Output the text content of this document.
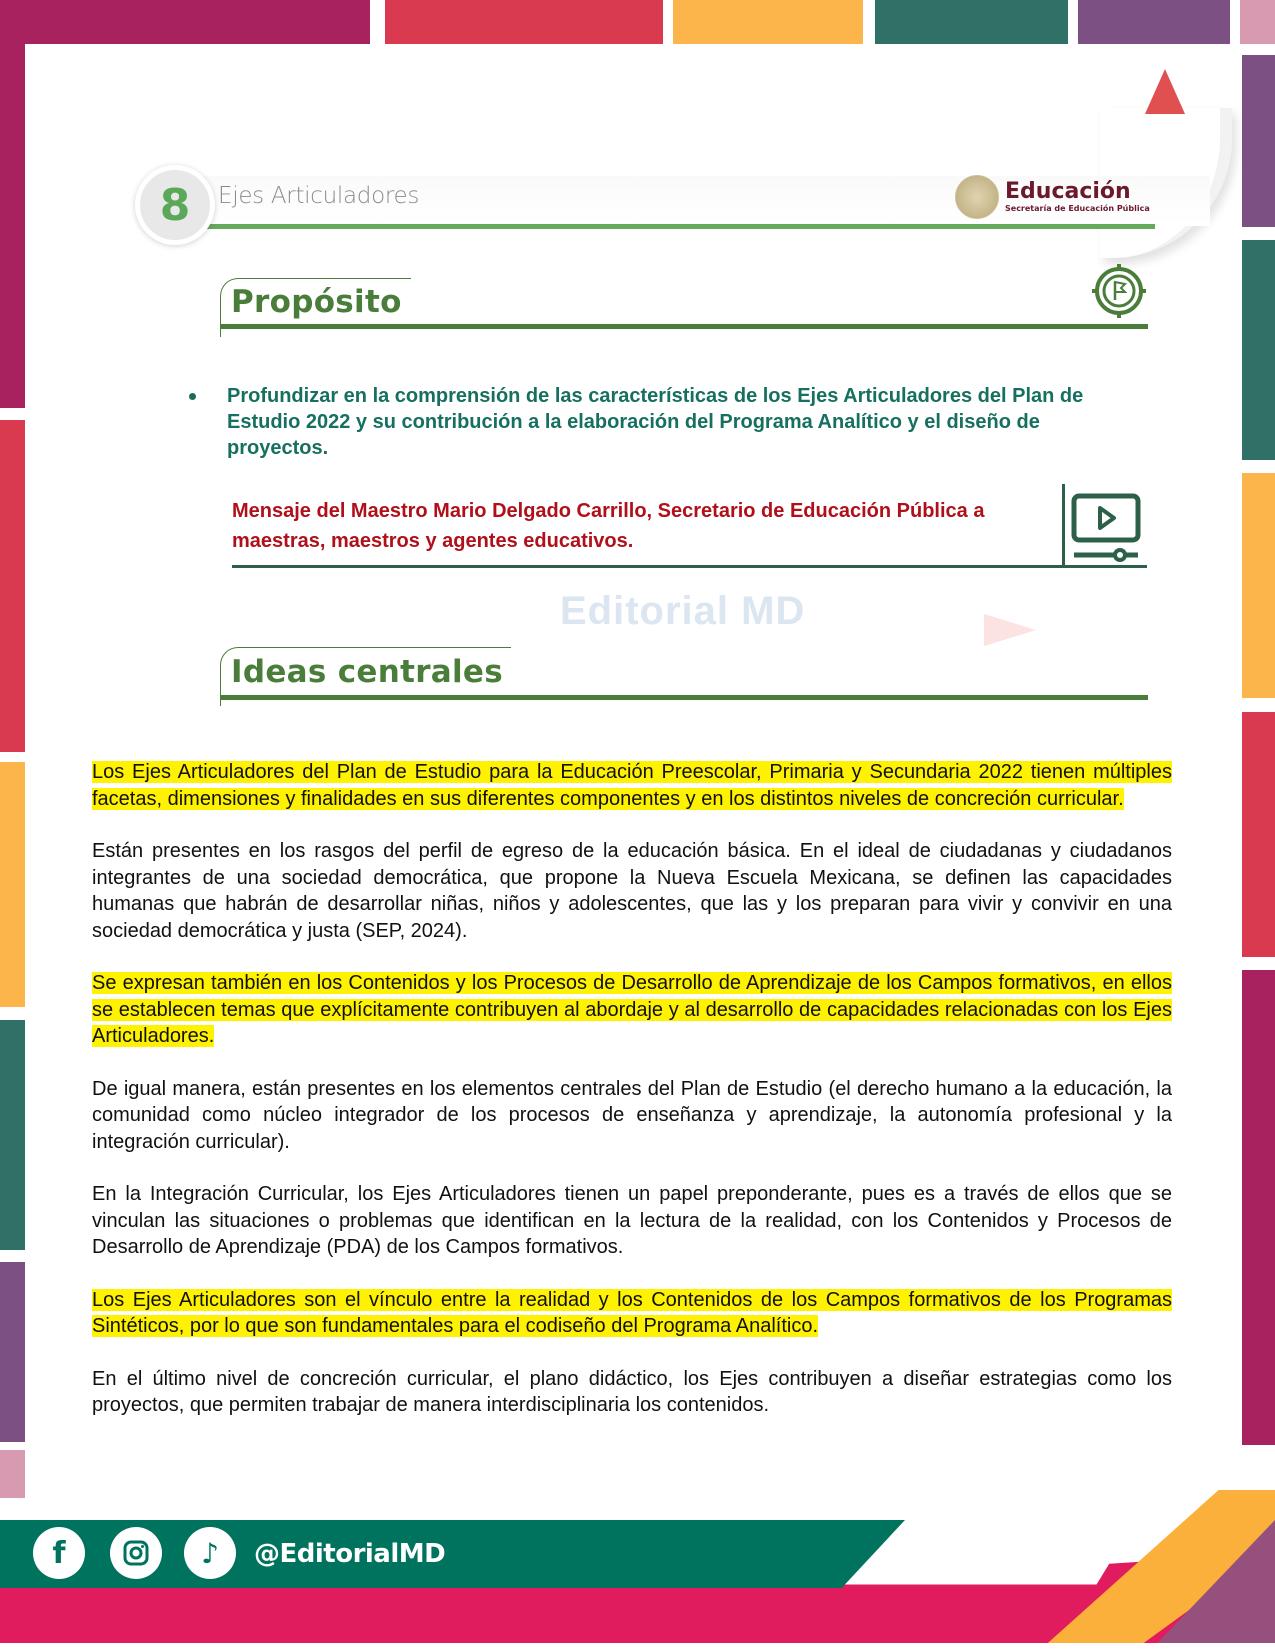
Editorial MD
8	Ejes Articuladores	Educación
Secretaría de Educación Pública
Propósito
Profundizar en la comprensión de las características de los Ejes Articuladores del Plan de Estudio 2022 y su contribución a la elaboración del Programa Analítico y el diseño de proyectos.
Mensaje del Maestro Mario Delgado Carrillo, Secretario de Educación Pública a maestras, maestros y agentes educativos.
Ideas centrales
Los Ejes Articuladores del Plan de Estudio para la Educación Preescolar, Primaria y Secundaria 2022 tienen múltiples facetas, dimensiones y finalidades en sus diferentes componentes y en los distintos niveles de concreción curricular.
Están presentes en los rasgos del perfil de egreso de la educación básica. En el ideal de ciudadanas y ciudadanos integrantes de una sociedad democrática, que propone la Nueva Escuela Mexicana, se definen las capacidades humanas que habrán de desarrollar niñas, niños y adolescentes, que las y los preparan para vivir y convivir en una sociedad democrática y justa (SEP, 2024).
Se expresan también en los Contenidos y los Procesos de Desarrollo de Aprendizaje de los Campos formativos, en ellos se establecen temas que explícitamente contribuyen al abordaje y al desarrollo de capacidades relacionadas con los Ejes Articuladores.
De igual manera, están presentes en los elementos centrales del Plan de Estudio (el derecho humano a la educación, la comunidad como núcleo integrador de los procesos de enseñanza y aprendizaje, la autonomía profesional y la integración curricular).
En la Integración Curricular, los Ejes Articuladores tienen un papel preponderante, pues es a través de ellos que se vinculan las situaciones o problemas que identifican en la lectura de la realidad, con los Contenidos y Procesos de Desarrollo de Aprendizaje (PDA) de los Campos formativos.
Los Ejes Articuladores son el vínculo entre la realidad y los Contenidos de los Campos formativos de los Programas Sintéticos, por lo que son fundamentales para el codiseño del Programa Analítico.
En el último nivel de concreción curricular, el plano didáctico, los Ejes contribuyen a diseñar estrategias como los proyectos, que permiten trabajar de manera interdisciplinaria los contenidos.
f	♪ @EditorialMD
